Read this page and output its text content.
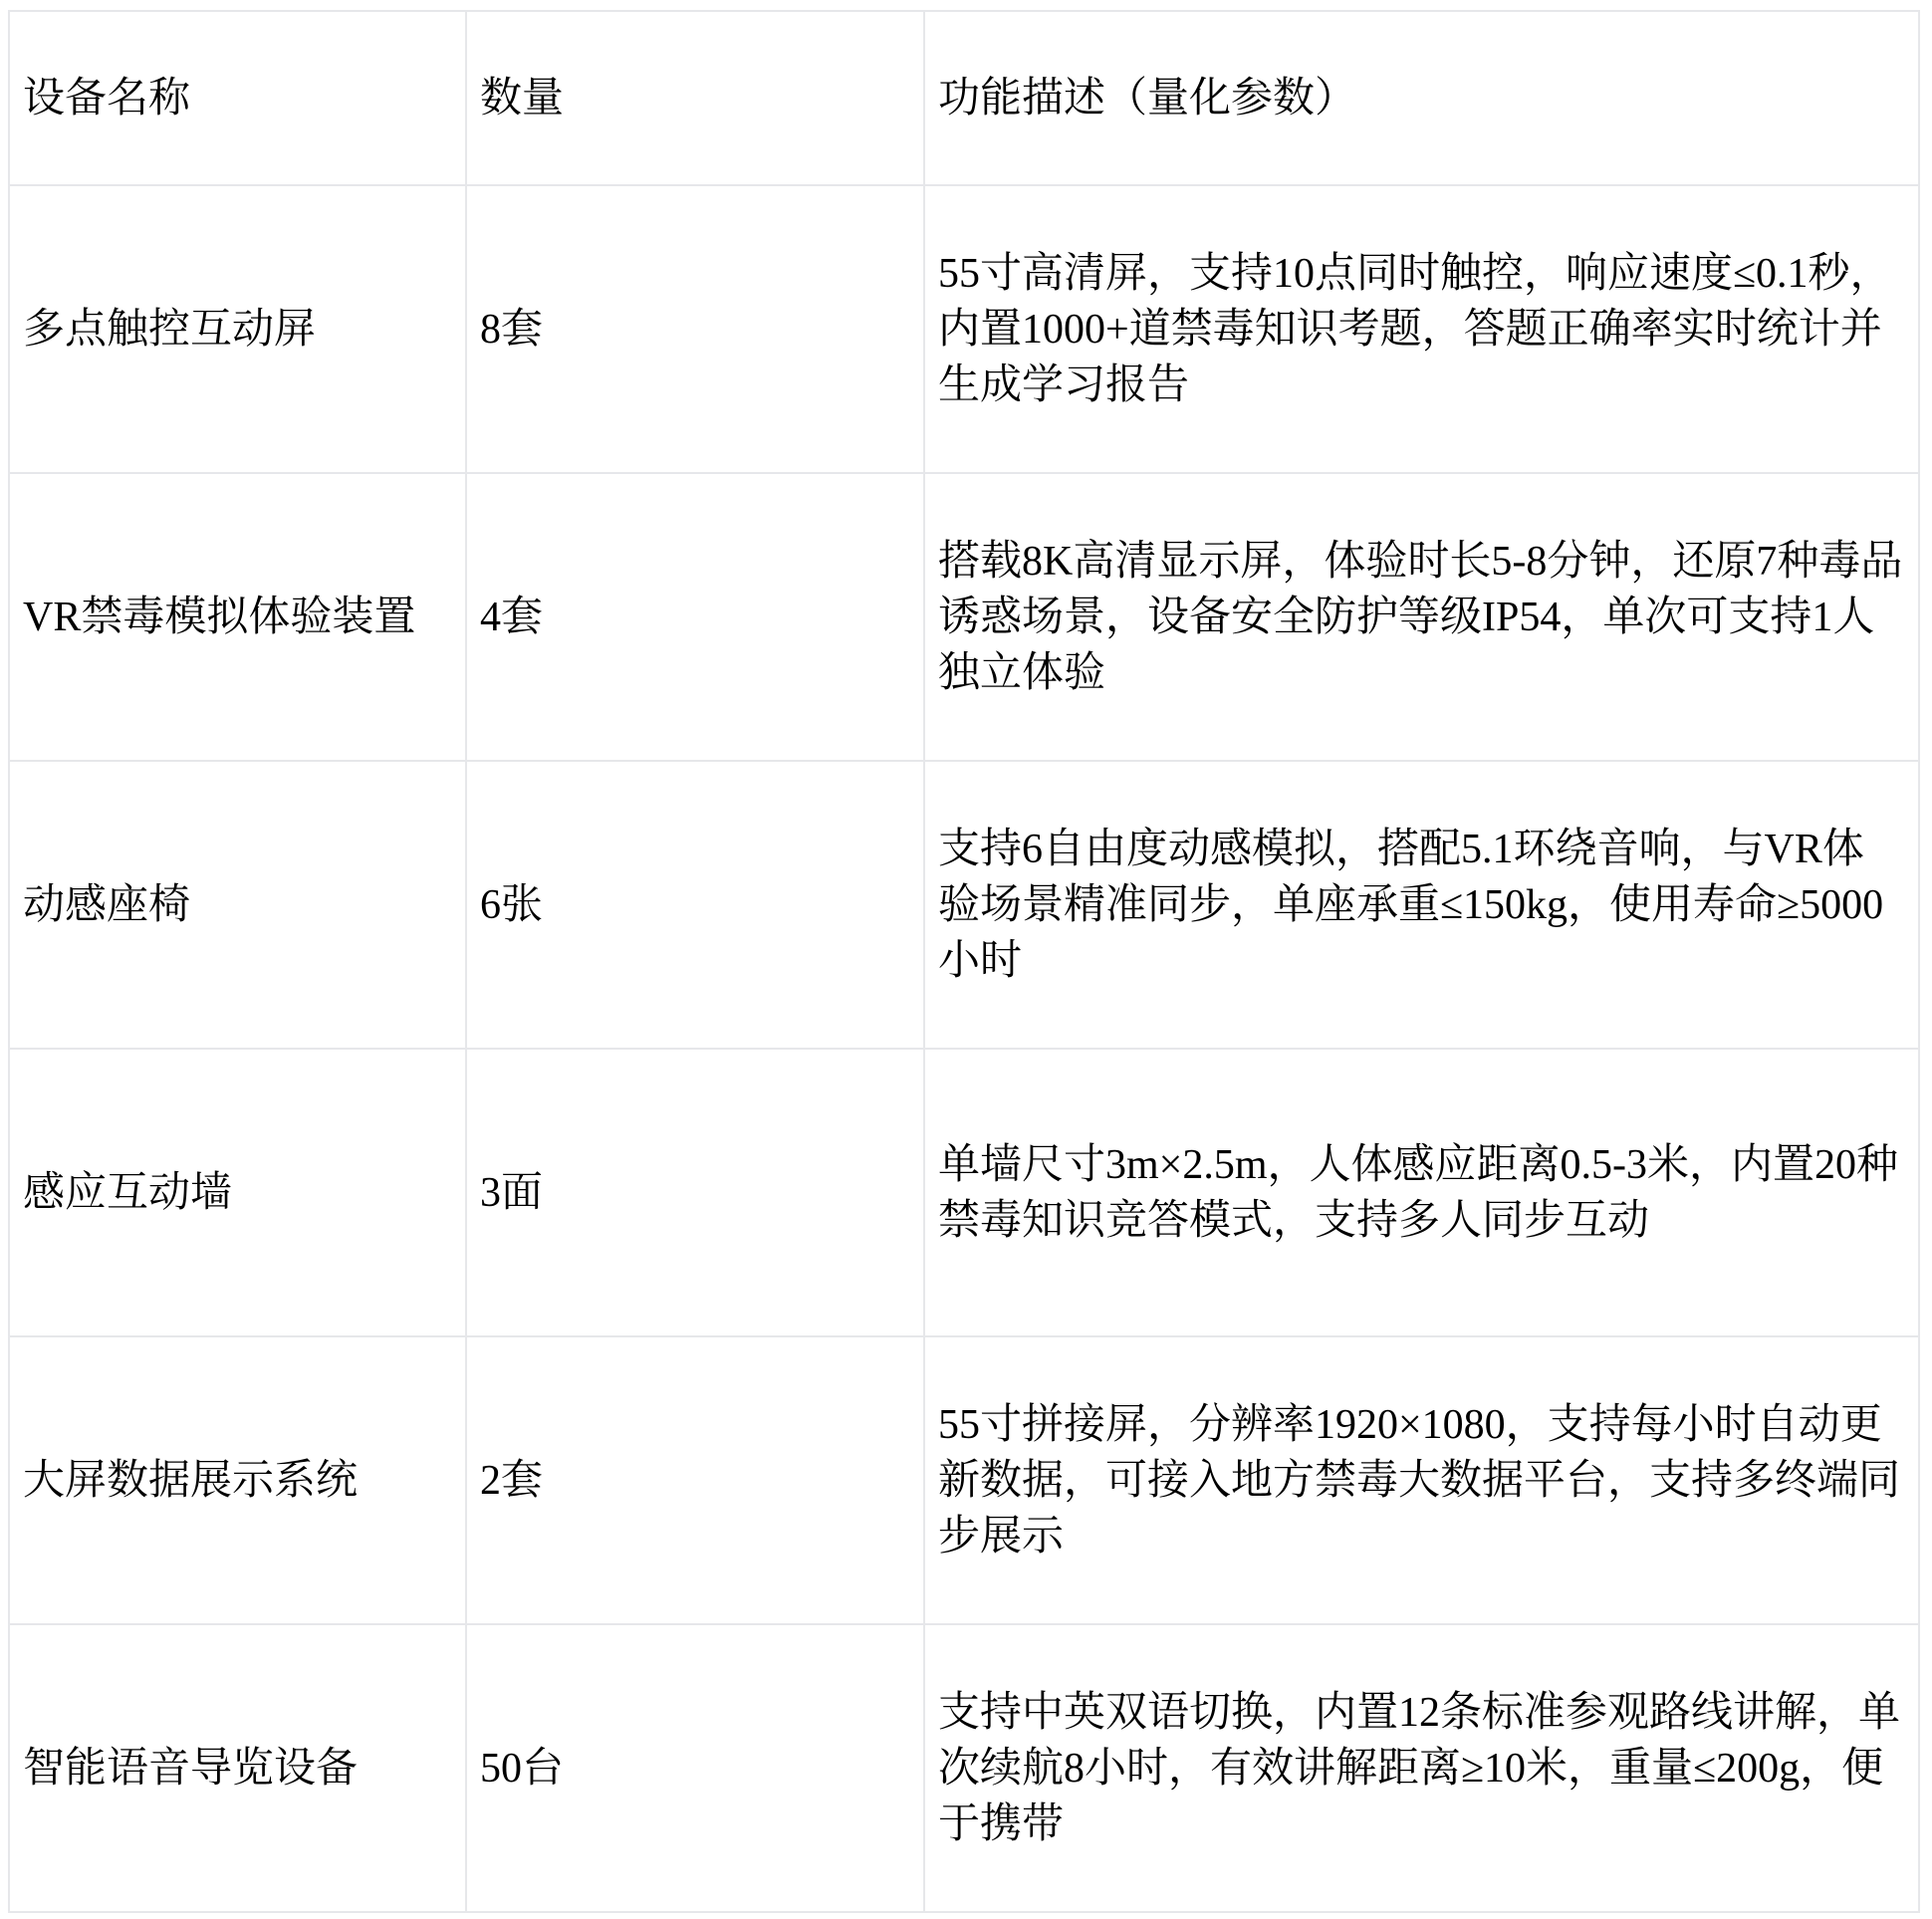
设备名称	数量	功能描述（量化参数）
多点触控互动屏	8套	55寸高清屏，支持10点同时触控，响应速度≤0.1秒，内置1000+道禁毒知识考题，答题正确率实时统计并生成学习报告
VR禁毒模拟体验装置	4套	搭载8K高清显示屏，体验时长5-8分钟，还原7种毒品诱惑场景，设备安全防护等级IP54，单次可支持1人独立体验
动感座椅	6张	支持6自由度动感模拟，搭配5.1环绕音响，与VR体验场景精准同步，单座承重≤150kg，使用寿命≥5000小时
感应互动墙	3面	单墙尺寸3m×2.5m，人体感应距离0.5-3米，内置20种禁毒知识竞答模式，支持多人同步互动
大屏数据展示系统	2套	55寸拼接屏，分辨率1920×1080，支持每小时自动更新数据，可接入地方禁毒大数据平台，支持多终端同步展示
智能语音导览设备	50台	支持中英双语切换，内置12条标准参观路线讲解，单次续航8小时，有效讲解距离≥10米，重量≤200g，便于携带
